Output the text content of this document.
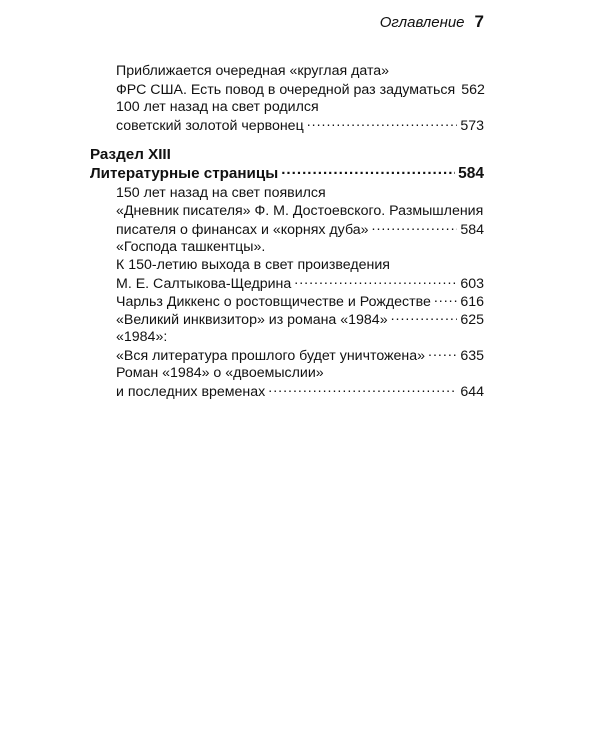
Оглавление 7
Приближается очередная «круглая дата»
ФРС США. Есть повод в очередной раз задуматься 562
100 лет назад на свет родился
советский золотой червонец .....	573
Раздел XIII
Литературные страницы .....	584
150 лет назад на свет появился
«Дневник писателя» Ф. М. Достоевского. Размышления
писателя о финансах и «корнях дуба» .....	584
«Господа ташкентцы».
К 150-летию выхода в свет произведения
М. Е. Салтыкова-Щедрина .....	603
Чарльз Диккенс о ростовщичестве и Рождестве ..... 616
«Великий инквизитор» из романа «1984» .....	625
«1984»:
«Вся литература прошлого будет уничтожена» ..... 635
Роман «1984» о «двоемыслии»
и последних временах .....	644
